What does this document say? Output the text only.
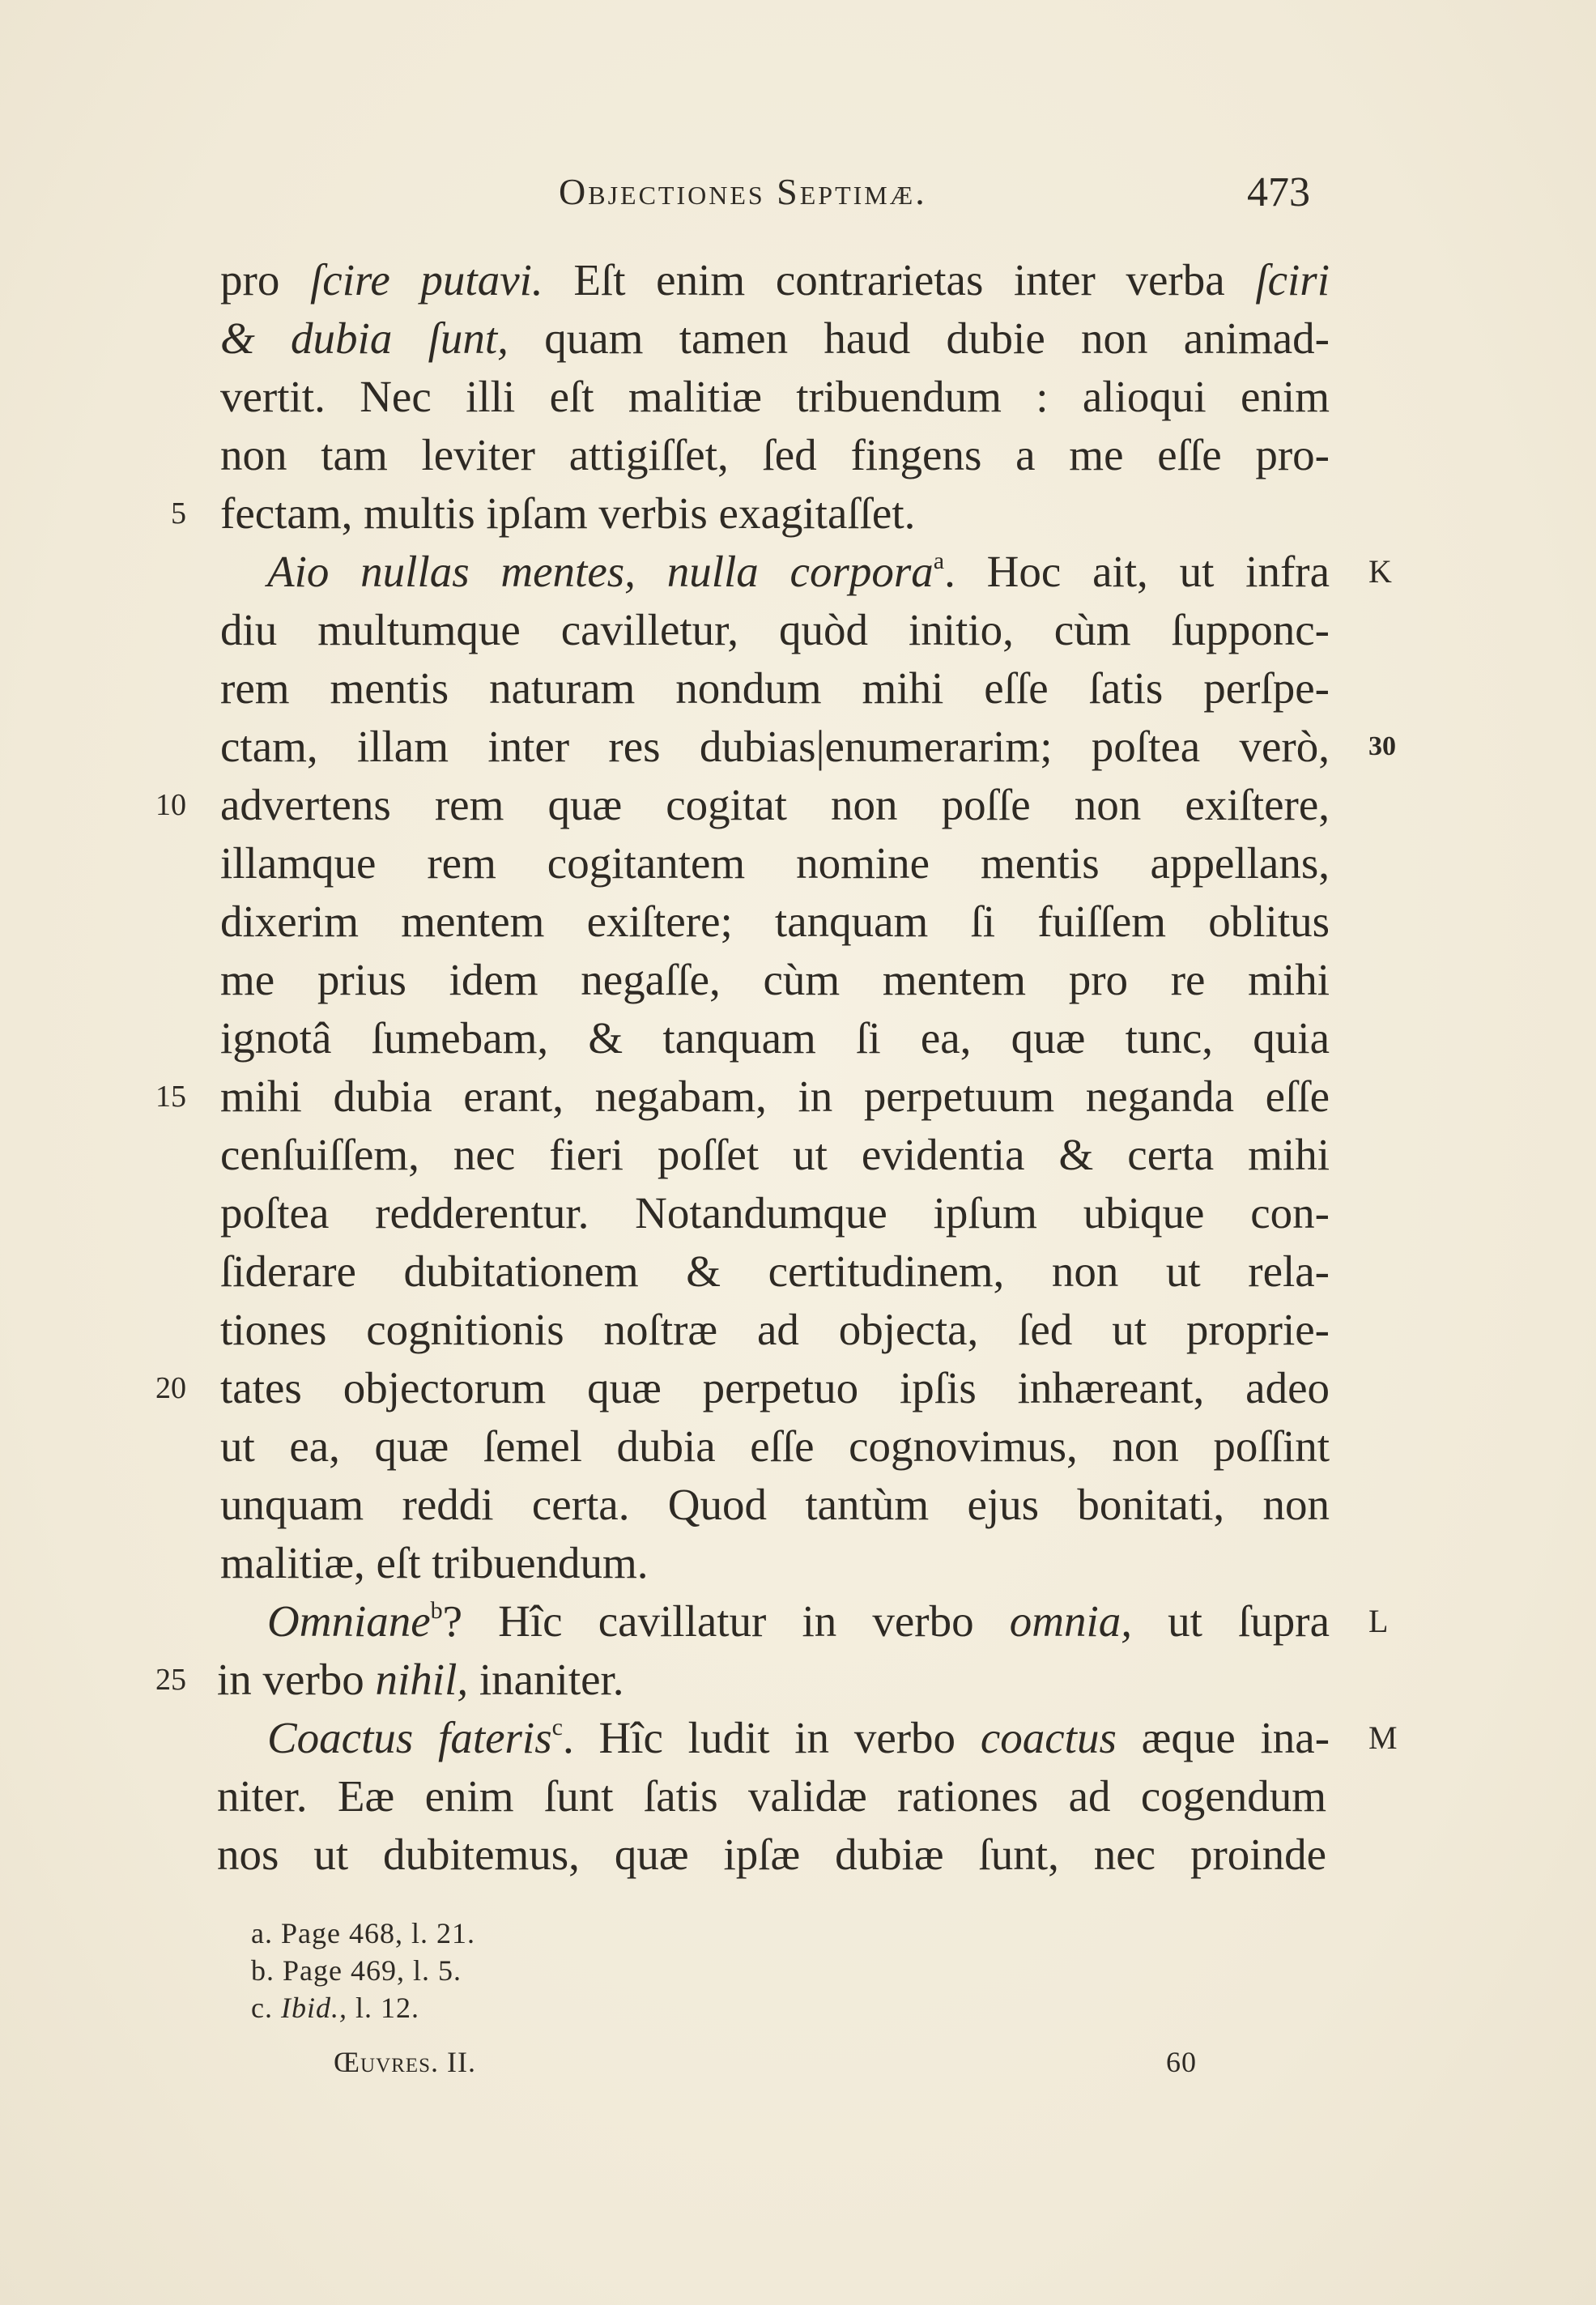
Objectiones Septimæ.	473
pro ſcire putavi. Eſt enim contrarietas inter verba ſciri
& dubia ſunt, quam tamen haud dubie non animad-
vertit. Nec illi eſt malitiæ tribuendum : alioqui enim
non tam leviter attigiſſet, ſed fingens a me eſſe pro-
fectam, multis ipſam verbis exagitaſſet.
Aio nullas mentes, nulla corpora$^a$. Hoc ait, ut infra
diu multumque cavilletur, quòd initio, cùm ſupponc-
rem mentis naturam nondum mihi eſſe ſatis perſpe-
ctam, illam inter res dubias|enumerarim; poſtea verò,
advertens rem quæ cogitat non poſſe non exiſtere,
illamque rem cogitantem nomine mentis appellans,
dixerim mentem exiſtere; tanquam ſi fuiſſem oblitus
me prius idem negaſſe, cùm mentem pro re mihi
ignotâ ſumebam, & tanquam ſi ea, quæ tunc, quia
mihi dubia erant, negabam, in perpetuum neganda eſſe
cenſuiſſem, nec fieri poſſet ut evidentia & certa mihi
poſtea redderentur. Notandumque ipſum ubique con-
ſiderare dubitationem & certitudinem, non ut rela-
tiones cognitionis noſtræ ad objecta, ſed ut proprie-
tates objectorum quæ perpetuo ipſis inhæreant, adeo
ut ea, quæ ſemel dubia eſſe cognovimus, non poſſint
unquam reddi certa. Quod tantùm ejus bonitati, non
malitiæ, eſt tribuendum.
Omniane$^b$? Hîc cavillatur in verbo omnia, ut ſupra
in verbo nihil, inaniter.
Coactus fateris$^c$. Hîc ludit in verbo coactus æque ina-
niter. Eæ enim ſunt ſatis validæ rationes ad cogendum
nos ut dubitemus, quæ ipſæ dubiæ ſunt, nec proinde
5
10
15
20
25
K
30
L
M
a. Page 468, l. 21.
b. Page 469, l. 5.
c. Ibid., l. 12.
Œuvres. II.	60
